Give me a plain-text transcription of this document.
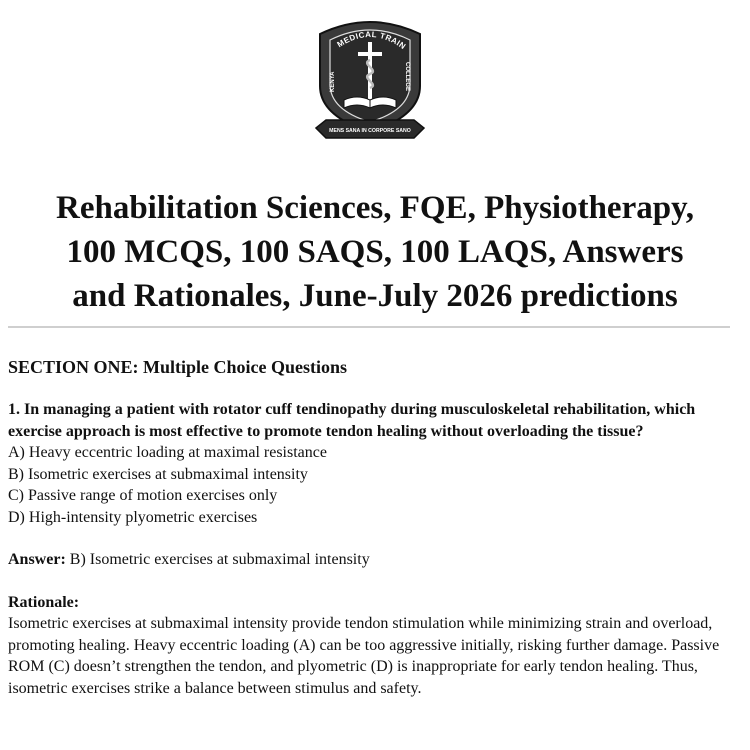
MEDICAL TRAIN
KENYA
COLLEGE
MENS SANA IN CORPORE SANO
Rehabilitation Sciences, FQE, Physiotherapy,
100 MCQS, 100 SAQS, 100 LAQS, Answers
and Rationales, June-July 2026 predictions

SECTION ONE: Multiple Choice Questions

1. In managing a patient with rotator cuff tendinopathy during musculoskeletal rehabilitation, which exercise approach is most effective to promote tendon healing without overloading the tissue?

A) Heavy eccentric loading at maximal resistance
B) Isometric exercises at submaximal intensity
C) Passive range of motion exercises only
D) High-intensity plyometric exercises

Answer: B) Isometric exercises at submaximal intensity

Rationale:

Isometric exercises at submaximal intensity provide tendon stimulation while minimizing strain and overload, promoting healing. Heavy eccentric loading (A) can be too aggressive initially, risking further damage. Passive ROM (C) doesn’t strengthen the tendon, and plyometric (D) is inappropriate for early tendon healing. Thus, isometric exercises strike a balance between stimulus and safety.
